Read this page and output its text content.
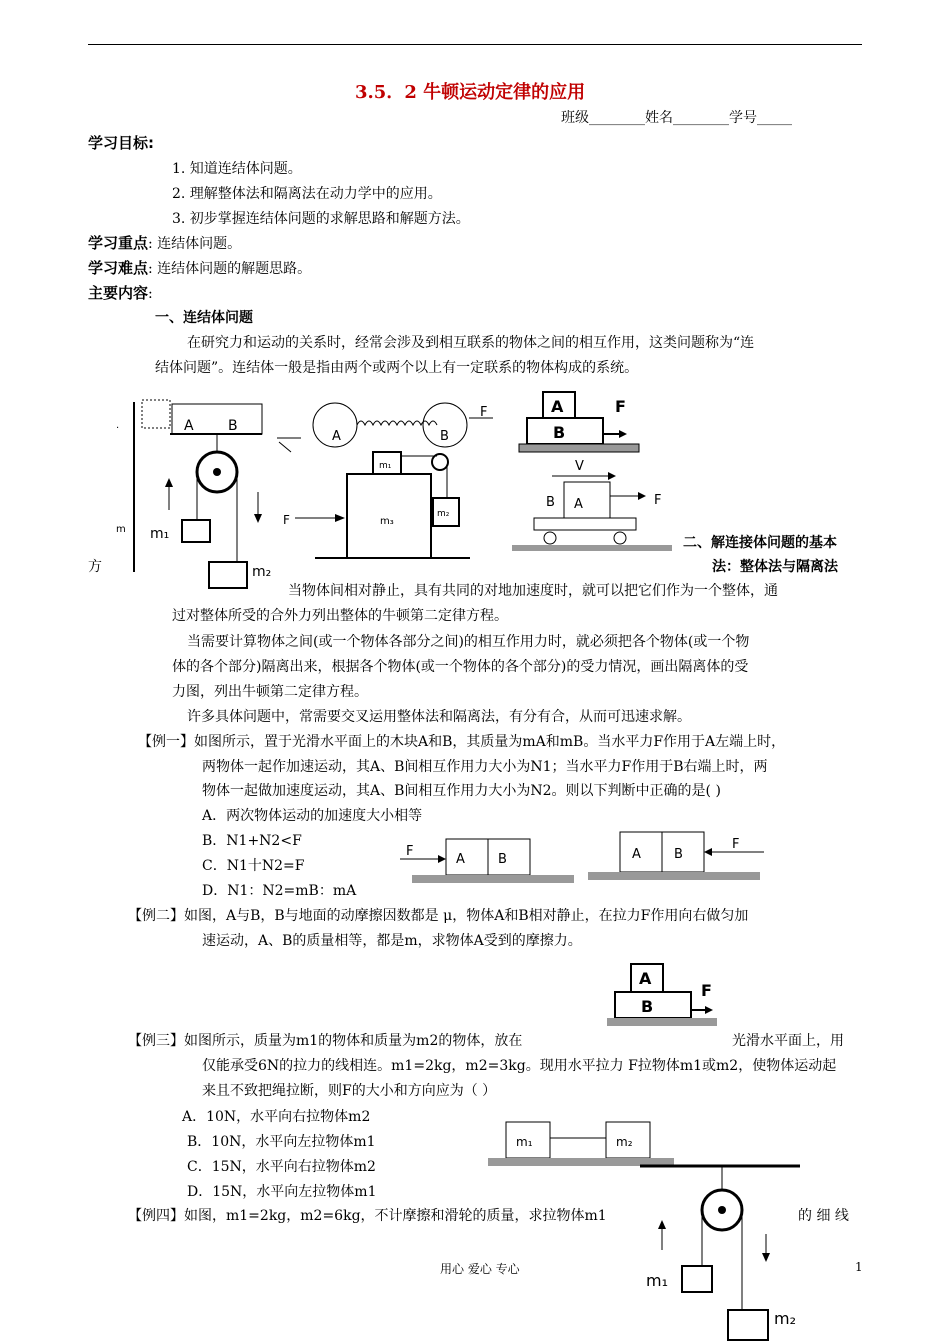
3.5．2 牛顿运动定律的应用
班级________姓名________学号_____
学习目标:
1. 知道连结体问题。
2. 理解整体法和隔离法在动力学中的应用。
3. 初步掌握连结体问题的求解思路和解题方法。
学习重点: 连结体问题。
学习难点: 连结体问题的解题思路。
主要内容:
一、连结体问题
在研究力和运动的关系时，经常会涉及到相互联系的物体之间的相互作用，这类问题称为“连
结体问题”。连结体一般是指由两个或两个以上有一定联系的物体构成的系统。
.	A B
m₁
m₂
m
A	B
F
m₃
m₁
m₂
F
A
B
F
V
B A	F
二、解连接体问题的基本
方	法：整体法与隔离法
当物体间相对静止，具有共同的对地加速度时，就可以把它们作为一个整体，通
过对整体所受的合外力列出整体的牛顿第二定律方程。
当需要计算物体之间(或一个物体各部分之间)的相互作用力时，就必须把各个物体(或一个物
体的各个部分)隔离出来，根据各个物体(或一个物体的各个部分)的受力情况，画出隔离体的受
力图，列出牛顿第二定律方程。
许多具体问题中，常需要交叉运用整体法和隔离法，有分有合，从而可迅速求解。
【例一】如图所示，置于光滑水平面上的木块A和B，其质量为mA和mB。当水平力F作用于A左端上时，
两物体一起作加速运动，其A、B间相互作用力大小为N1；当水平力F作用于B右端上时，两
物体一起做加速度运动，其A、B间相互作用力大小为N2。则以下判断中正确的是( )
A．两次物体运动的加速度大小相等
B．N1+N2<F
C．N1十N2=F
D．N1：N2=mB：mA
F
A	B	A	B
F
【例二】如图，A与B，B与地面的动摩擦因数都是 μ，物体A和B相对静止，在拉力F作用向右做匀加
速运动，A、B的质量相等，都是m，求物体A受到的摩擦力。
A
B
F
【例三】如图所示，质量为m1的物体和质量为m2的物体，放在	光滑水平面上，用
仅能承受6N的拉力的线相连。m1=2kg，m2=3kg。现用水平拉力 F拉物体m1或m2，使物体运动起
来且不致把绳拉断，则F的大小和方向应为（ ）
A．10N，水平向右拉物体m2
B．10N，水平向左拉物体m1
C．15N，水平向右拉物体m2
D．15N，水平向左拉物体m1
m₁	m₂
【例四】如图，m1=2kg，m2=6kg，不计摩擦和滑轮的质量，求拉物体m1	的 细 线
m₁
m₂
用心 爱心 专心	1
